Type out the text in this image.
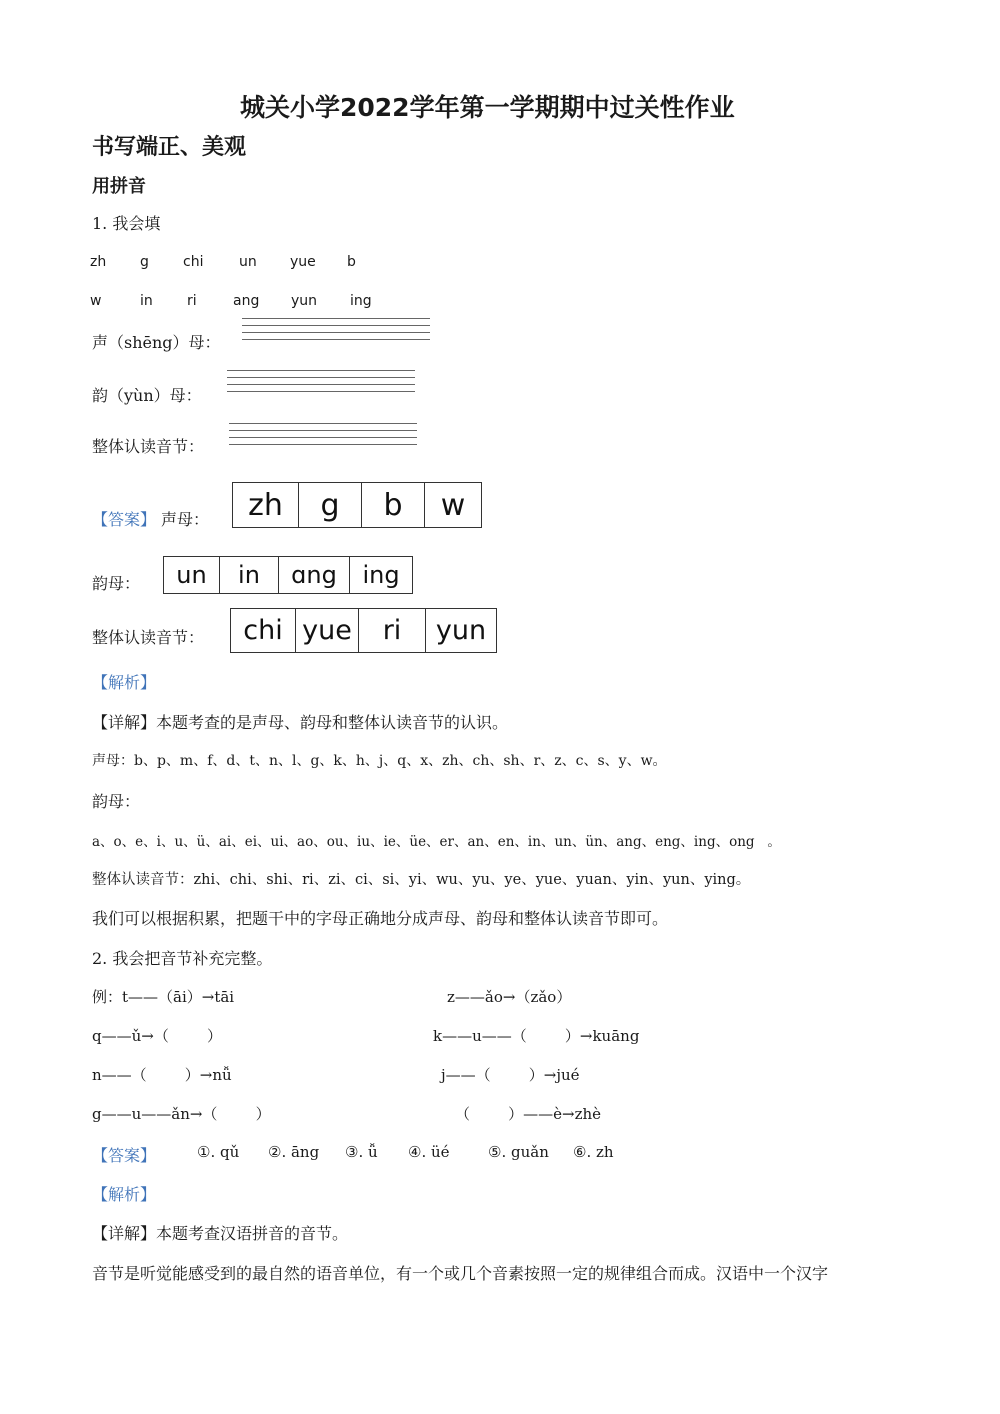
城关小学2022学年第一学期期中过关性作业
书写端正、美观
用拼音
1. 我会填
zh g chi	un yue b
w	in ri	ang yun ing
声（shēng）母：
韵（yùn）母：
整体认读音节：
【答案】 声母：	zh	g	b	w
韵母：	un	in	ɑng	ing
整体认读音节：	chi yue	ri	yun
【解析】
【详解】本题考查的是声母、韵母和整体认读音节的认识。
声母：b、p、m、f、d、t、n、l、g、k、h、j、q、x、zh、ch、sh、r、z、c、s、y、w。
韵母：
a、o、e、i、u、ü、ai、ei、ui、ao、ou、iu、ie、üe、er、an、en、in、un、ün、ang、eng、ing、ong   。
整体认读音节：zhi、chi、shi、ri、zi、ci、si、yi、wu、yu、ye、yue、yuan、yin、yun、ying。
我们可以根据积累，把题干中的字母正确地分成声母、韵母和整体认读音节即可。
2. 我会把音节补充完整。
例：t——（āi）→tāi	z——ǎo→（zǎo）
q——ǔ→（        ）	k——u——（        ）→kuāng
n——（        ）→nǚ	j——（        ）→jué
g——u——ǎn→（        ）	（        ）——è→zhè
【答案】	①. qǔ ②. āng ③. ǚ ④. üé	⑤. guǎn ⑥. zh
【解析】
【详解】本题考查汉语拼音的音节。
音节是听觉能感受到的最自然的语音单位，有一个或几个音素按照一定的规律组合而成。汉语中一个汉字
